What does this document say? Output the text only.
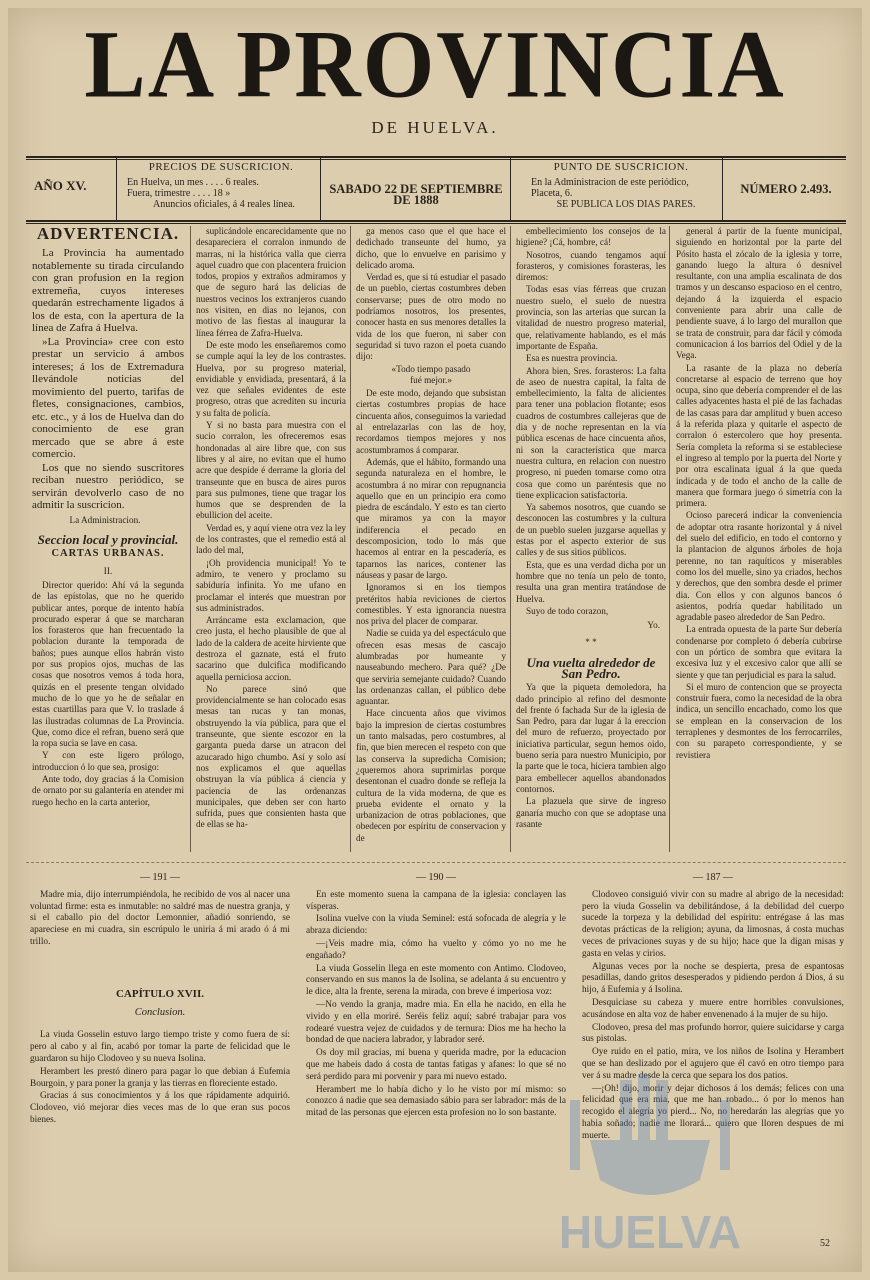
LA PROVINCIA
DE HUELVA.
AÑO XV.
PRECIOS DE SUSCRICION.
En Huelva, un mes . . . . 6 reales.
Fuera, trimestre . . . . 18 »
Anuncios oficiales, á 4 reales línea.
SABADO 22 DE SEPTIEMBRE DE 1888
PUNTO DE SUSCRICION.
En la Administracion de este periódico,
Placeta, 6.
SE PUBLICA LOS DIAS PARES.
NÚMERO 2.493.
ADVERTENCIA.

La Provincia ha aumentado notablemente su tirada circulando con gran profusion en la region extremeña, cuyos intereses quedarán estrechamente ligados á los de esta, con la apertura de la línea de Zafra á Huelva.

»La Provincia» cree con esto prestar un servicio á ambos intereses; á los de Extremadura llevándole noticias del movimiento del puerto, tarifas de fletes, consignaciones, cambios, etc. etc., y á los de Huelva dan do conocimiento de ese gran mercado que se abre á este comercio.

Los que no siendo suscritores reciban nuestro periódico, se servirán devolverlo caso de no admitir la suscricion.

La Administracion.
Seccion local y provincial.
CARTAS URBANAS.
II.

Director querido: Ahí vá la segunda de las epístolas, que no he querido publicar antes, porque de intento había procurado esperar á que se marcharan los forasteros que han frecuentado la poblacion durante la temporada de baños; pues aunque ellos habrán visto por sus propios ojos, muchas de las cosas que nosotros vemos á toda hora, quizás en el presente tengan olvidado mucho de lo que yo he de señalar en estas cuartillas para que V. lo traslade á las ilustradas columnas de La Provincia. Que, como dice el refran, bueno será que la ropa sucia se lave en casa.

Y con este ligero prólogo, introduccion ó lo que sea, prosigo:

Ante todo, doy gracias á la Comision de ornato por su galantería en atender mi ruego hecho en la carta anterior,

suplicándole encarecidamente que no desapareciera el corralon inmundo de marras, ni la histórica valla que cierra aquel cuadro que con placentera fruicion todos, propios y extraños admiramos y que de seguro hará las delicias de nuestros vecinos los extranjeros cuando nos visiten, en dias no lejanos, con motivo de las fiestas al inaugurar la línea férrea de Zafra-Huelva.

De este modo les enseñaremos como se cumple aquí la ley de los contrastes. Huelva, por su progreso material, envidiable y envidiada, presentará, á la vez que señales evidentes de este progreso, otras que acrediten su incuria y su falta de policía.

Y si no basta para muestra con el sucio corralon, les ofreceremos esas hondonadas al aire libre que, con sus libres y al aire, no evitan que el humo acre que despide é derrame la gloria del transeunte que en busca de aires puros para sus pulmones, tiene que tragar los humos que se desprenden de la ebullicion del aceite.

Verdad es, y aquí viene otra vez la ley de los contrastes, que el remedio está al lado del mal,

¡Oh providencia municipal! Yo te admiro, te venero y proclamo su sabiduría infinita. Yo me ufano en proclamar el interés que muestran por sus administrados.

Arráncame esta exclamacion, que creo justa, el hecho plausible de que al lado de la caldera de aceite hirviente que destroza el gaznate, está el fruto sacarino que dulcifica modificando aquella perniciosa accion.

No parece sinó que providencialmente se han colocado esas mesas tan rucas y tan monas, obstruyendo la vía pública, para que el transeunte, que siente escozor en la garganta pueda darse un atracon del azucarado higo chumbo. Así y solo así nos explicamos el que aquellas obstruyan la vía pública á ciencia y paciencia de las ordenanzas municipales, que deben ser con harto sufrida, pues que consienten hasta que de ellas se ha-

ga menos caso que el que hace el dedichado transeunte del humo, ya dicho, que lo envuelve en parisimo y delicado aroma.

Verdad es, que si tú estudiar el pasado de un pueblo, ciertas costumbres deben conservarse; pues de otro modo no podríamos nosotros, los presentes, conocer hasta en sus menores detalles la vida de los que fueron, ni saber con seguridad si tuvo razon el poeta cuando dijo:

«Todo tiempo pasado
fué mejor.»

De este modo, dejando que subsistan ciertas costumbres propias de hace cincuenta años, conseguimos la variedad al entrelazarlas con las de hoy, recordamos tiempos mejores y nos acostumbramos á comparar.

Además, que el hábito, formando una segunda naturaleza en el hombre, le acostumbra á no mirar con repugnancia aquello que en un principio era como piedra de escándalo. Y esto es tan cierto que miramos ya con la mayor indiferencia el pecado en descomposicion, todo lo más que hacemos al entrar en la pescadería, es taparnos las narices, contener las náuseas y pasar de largo.

Ignoramos si en los tiempos pretéritos había reviciones de ciertos comestibles. Y esta ignorancia nuestra nos priva del placer de comparar.

Nadie se cuida ya del espectáculo que ofrecen esas mesas de cascajo alumbradas por humeante y nauseabundo mechero. Para qué? ¿De que serviria semejante cuidado? Cuando las ordenanzas callan, el público debe aguantar.

Hace cincuenta años que vivimos bajo la impresion de ciertas costumbres un tanto malsadas, pero costumbres, al fin, que bien merecen el respeto con que las conserva la supredicha Comision; ¿queremos ahora suprimirlas porque desentonan el cuadro donde se refleja la cultura de la vida moderna, de que es prueba evidente el ornato y la urbanizacion de otras poblaciones, que obedecen por espíritu de conservacion y de

embellecimiento los consejos de la higiene? ¡Cá, hombre, cá!

Nosotros, cuando tengamos aquí forasteros, y comisiones forasteras, les diremos:

Todas esas vías férreas que cruzan nuestro suelo, el suelo de nuestra provincia, son las arterias que surcan la vitalidad de nuestro progreso material, que, relativamente hablando, es el más importante de España.

Esa es nuestra provincia.

Ahora bien, Sres. forasteros: La falta de aseo de nuestra capital, la falta de embellecimiento, la falta de alicientes para tener una poblacion flotante; esos cuadros de costumbres callejeras que de dia y de noche representan en la vía pública escenas de hace cincuenta años, ni son la característica que marca nuestra cultura, en relacion con nuestro progreso, ni pueden tomarse como otra cosa que como un paréntesis que no tiene explicacion satisfactoria.

Ya sabemos nosotros, que cuando se desconocen las costumbres y la cultura de un pueblo suelen juzgarse aquellas y estas por el aspecto exterior de sus calles y de sus sitios públicos.

Esta, que es una verdad dicha por un hombre que no tenía un pelo de tonto, resulta una gran mentira tratándose de Huelva.

Suyo de todo corazon,

Yo.
* *
Una vuelta alrededor de San Pedro.

Ya que la piqueta demoledora, ha dado principio al refino del desmonte del frente ó fachada Sur de la iglesia de San Pedro, para dar lugar á la ereccion del muro de refuerzo, proyectado por iniciativa particular, segun hemos oido, bueno sería para nuestro Municipio, por la parte que le toca, hiciera tambien algo para embellecer aquellos abandonados contornos.

La plazuela que sirve de ingreso ganaría mucho con que se adoptase una rasante

general á partir de la fuente municipal, siguiendo en horizontal por la parte del Pósito hasta el zócalo de la iglesia y torre, ganando luego la altura ó desnivel resultante, con una amplia escalinata de dos tramos y un descanso espacioso en el centro, dejando á la izquierda el espacio conveniente para abrir una calle de pendiente suave, á lo largo del murallon que se trata de construir, para dar fácil y cómoda comunicacion á los barrios del Odiel y de la Vega.

La rasante de la plaza no debería concretarse al espacio de terreno que hoy ocupa, sino que debería comprender el de las calles adyacentes hasta el pié de las fachadas de las casas para dar amplitud y buen acceso á la referida plaza y quitarle el aspecto de corralon ó estercolero que hoy presenta. Sería completa la reforma si se estableciese el ingreso al templo por la puerta del Norte y por otra escalinata igual á la que queda indicada y de todo el ancho de la calle de manera que formara juego ó simetría con la primera.

Ocioso parecerá indicar la conveniencia de adoptar otra rasante horizontal y á nivel del suelo del edificio, en todo el contorno y la plantacion de algunos árboles de hoja perenne, no tan raquíticos y miserables como los del muelle, sino ya criados, hechos y derechos, que den sombra desde el primer dia. Con ellos y con algunos bancos ó asientos, podría quedar habilitado un agradable paseo alrededor de San Pedro.

La entrada opuesta de la parte Sur debería condenarse por completo ó debería cubrirse con un pórtico de sombra que evitara la excesiva luz y el excesivo calor que allí se siente y que tan perjudicial es para la salud.

Si el muro de contencion que se proyecta construir fuera, como la necesidad de la obra indica, un sencillo encachado, como los que se emplean en la conservacion de los terraplenes y desmontes de los ferrocarriles, con su parapeto correspondiente, y se revistiera

— 191 —

Madre mia, dijo interrumpiéndola, he recibido de vos al nacer una voluntad firme: esta es inmutable: no saldré mas de nuestra granja, y si el caballo pio del doctor Lemonnier, añadió sonriendo, se apareciese en mi cuadra, sin escrúpulo le uniria á mi arado ó á mi trillo.

CAPÍTULO XVII.
Conclusion.

La viuda Gosselin estuvo largo tiempo triste y como fuera de sí: pero al cabo y al fin, acabó por tomar la parte de felicidad que le guardaron su hijo Clodoveo y su nueva Isolina.

Herambert les prestó dinero para pagar lo que debian á Eufemia Bourgoin, y para poner la granja y las tierras en floreciente estado.

Gracias á sus conocimientos y á los que rápidamente adquirió. Clodoveo, vió mejorar dies veces mas de lo que eran sus pocos bienes.

— 190 —

En este momento suena la campana de la iglesia: conclayen las vísperas.

Isolina vuelve con la viuda Seminel: está sofocada de alegría y le abraza diciendo:

—¡Veis madre mia, cómo ha vuelto y cómo yo no me he engañado?

La viuda Gosselin llega en este momento con Antimo. Clodoveo, conservando en sus manos la de Isolina, se adelanta á su encuentro y le dice, alta la frente, serena la mirada, con breve é imperiosa voz:

—No vendo la granja, madre mia. En ella he nacido, en ella he vivido y en ella moriré. Seréis feliz aquí; sabré trabajar para vos rodearé vuestra vejez de cuidados y de ternura: Dios me ha hecho la bondad de que naciera labrador, y labrador seré.

Os doy mil gracias, mi buena y querida madre, por la educacion que me habeis dado á costa de tantas fatigas y afanes: lo que sé no será perdido para mi porvenir y para mi nuevo estado.

Herambert me lo había dicho y lo he visto por mí mismo: so conozco á nadie que sea demasiado sábio para ser labrador: más de la mitad de las personas que ejercen esta profesion no lo son bastante.

— 187 —

Clodoveo consiguió vivir con su madre al abrigo de la necesidad: pero la viuda Gosselin va debilitándose, á la debilidad del cuerpo sucede la torpeza y la debilidad del espíritu: entrégase á las mas devotas prácticas de la religion; ayuna, da limosnas, á costa muchas veces de privaciones suyas y de su hijo; hace que la digan misas y gasta en velas y cirios.

Algunas veces por la noche se despierta, presa de espantosas pesadillas, dando gritos desesperados y pidiendo perdon á Dios, á su hijo, á Eufemia y á Isolina.

Desquiciase su cabeza y muere entre horribles convulsiones, acusándose en alta voz de haber envenenado á la mujer de su hijo.

Clodoveo, presa del mas profundo horror, quiere suicidarse y carga sus pistolas.

Oye ruido en el patio, mira, ve los niños de Isolina y Herambert que se han deslizado por el agujero que él cavó en otro tiempo para ver á su madre desde la cerca que separa los dos patios.

—¡Oh! dijo, morir y dejar dichosos á los demás; felices con una felicidad que era mia, que me han robado... ó por lo menos han recogido el alegría yo pierd... No, no heredarán las alegrías que yo habia soñado; nadie me llorará... quiero que lloren despues de mi muerte.

HUELVA	52
